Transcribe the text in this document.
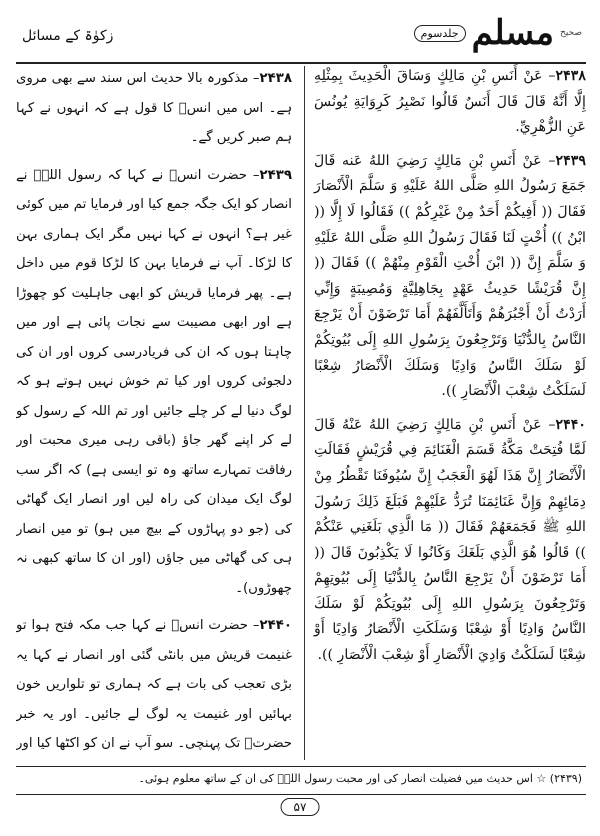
صحیح
مسلم
جلدسوم
زکوٰۃ کے مسائل

۲۴۳۸– عَنْ أَنَسِ بْنِ مَالِكٍ وَسَاقَ الْحَدِيثَ بِمِثْلِهِ إِلَّا أَنَّهُ قَالَ قَالَ أَنَسٌ قَالُوا نَصْبِرُ كَرِوَايَةِ يُونُسَ عَنِ الزُّهْرِيِّ.

۲۴۳۹– عَنْ أَنَسِ بْنِ مَالِكٍ رَضِيَ اللهُ عَنه قَالَ جَمَعَ رَسُولُ اللهِ صَلَّى اللهُ عَلَيْهِ وَ سَلَّمَ الْأَنْصَارَ فَقَالَ (( أَفِيكُمْ أَحَدٌ مِنْ غَيْرِكُمْ )) فَقَالُوا لَا إِلَّا (( ابْنُ )) أُخْتٍ لَنَا فَقَالَ رَسُولُ اللهِ صَلَّى اللهُ عَلَيْهِ وَ سَلَّمَ إِنَّ (( ابْنَ أُخْتِ الْقَوْمِ مِنْهُمْ )) فَقَالَ (( إِنَّ قُرَيْشًا حَدِيثُ عَهْدٍ بِجَاهِلِيَّةٍ وَمُصِيبَةٍ وَإِنِّي أَرَدْتُ أَنْ أَجْبُرَهُمْ وَأَتَأَلَّفَهُمْ أَمَا تَرْضَوْنَ أَنْ يَرْجِعَ النَّاسُ بِالدُّنْيَا وَتَرْجِعُونَ بِرَسُولِ اللهِ إِلَى بُيُوتِكُمْ لَوْ سَلَكَ النَّاسُ وَادِيًا وَسَلَكَ الْأَنْصَارُ شِعْبًا لَسَلَكْتُ شِعْبَ الْأَنْصَارِ )).

۲۴۴۰– عَنْ أَنَسِ بْنِ مَالِكٍ رَضِيَ اللهُ عَنْهُ قَالَ لَمَّا فُتِحَتْ مَكَّةُ قَسَمَ الْغَنَائِمَ فِي قُرَيْشٍ فَقَالَتِ الْأَنْصَارُ إِنَّ هَذَا لَهُوَ الْعَجَبُ إِنَّ سُيُوفَنَا تَقْطُرُ مِنْ دِمَائِهِمْ وَإِنَّ غَنَائِمَنَا تُرَدُّ عَلَيْهِمْ فَبَلَغَ ذَلِكَ رَسُولَ اللهِ ﷺ فَجَمَعَهُمْ فَقَالَ (( مَا الَّذِي بَلَغَنِي عَنْكُمْ )) قَالُوا هُوَ الَّذِي بَلَغَكَ وَكَانُوا لَا يَكْذِبُونَ قَالَ (( أَمَا تَرْضَوْنَ أَنْ يَرْجِعَ النَّاسُ بِالدُّنْيَا إِلَى بُيُوتِهِمْ وَتَرْجِعُونَ بِرَسُولِ اللهِ إِلَى بُيُوتِكُمْ لَوْ سَلَكَ النَّاسُ وَادِيًا أَوْ شِعْبًا وَسَلَكَتِ الْأَنْصَارُ وَادِيًا أَوْ شِعْبًا لَسَلَكْتُ وَادِيَ الْأَنْصَارِ أَوْ شِعْبَ الْأَنْصَارِ )).

۲۴۳۸– مذکورہ بالا حدیث اس سند سے بھی مروی ہے۔ اس میں انسؓ کا قول ہے کہ انہوں نے کہا ہم صبر کریں گے۔

۲۴۳۹– حضرت انسؓ نے کہا کہ رسول اللہؐ نے انصار کو ایک جگہ جمع کیا اور فرمایا تم میں کوئی غیر ہے؟ انہوں نے کہا نہیں مگر ایک ہماری بہن کا لڑکا۔ آپ نے فرمایا بہن کا لڑکا قوم میں داخل ہے۔ پھر فرمایا قریش کو ابھی جاہلیت کو چھوڑا ہے اور ابھی مصیبت سے نجات پائی ہے اور میں چاہتا ہوں کہ ان کی فریادرسی کروں اور ان کی دلجوئی کروں اور کیا تم خوش نہیں ہوتے ہو کہ لوگ دنیا لے کر چلے جائیں اور تم اللہ کے رسول کو لے کر اپنے گھر جاؤ (باقی رہی میری محبت اور رفاقت تمہارے ساتھ وہ تو ایسی ہے) کہ اگر سب لوگ ایک میدان کی راہ لیں اور انصار ایک گھاٹی کی (جو دو پہاڑوں کے بیچ میں ہو) تو میں انصار ہی کی گھاٹی میں جاؤں (اور ان کا ساتھ کبھی نہ چھوڑوں)۔

۲۴۴۰– حضرت انسؓ نے کہا جب مکہ فتح ہوا تو غنیمت قریش میں بانٹی گئی اور انصار نے کہا یہ بڑی تعجب کی بات ہے کہ ہماری تو تلواریں خون بہائیں اور غنیمت یہ لوگ لے جائیں۔ اور یہ خبر حضرتؐ تک پہنچی۔ سو آپ نے ان کو اکٹھا کیا اور

(۲۴۳۹) ☆ اس حدیث میں فضیلت انصار کی اور محبت رسول اللہؐ کی ان کے ساتھ معلوم ہوئی۔
۵۷
